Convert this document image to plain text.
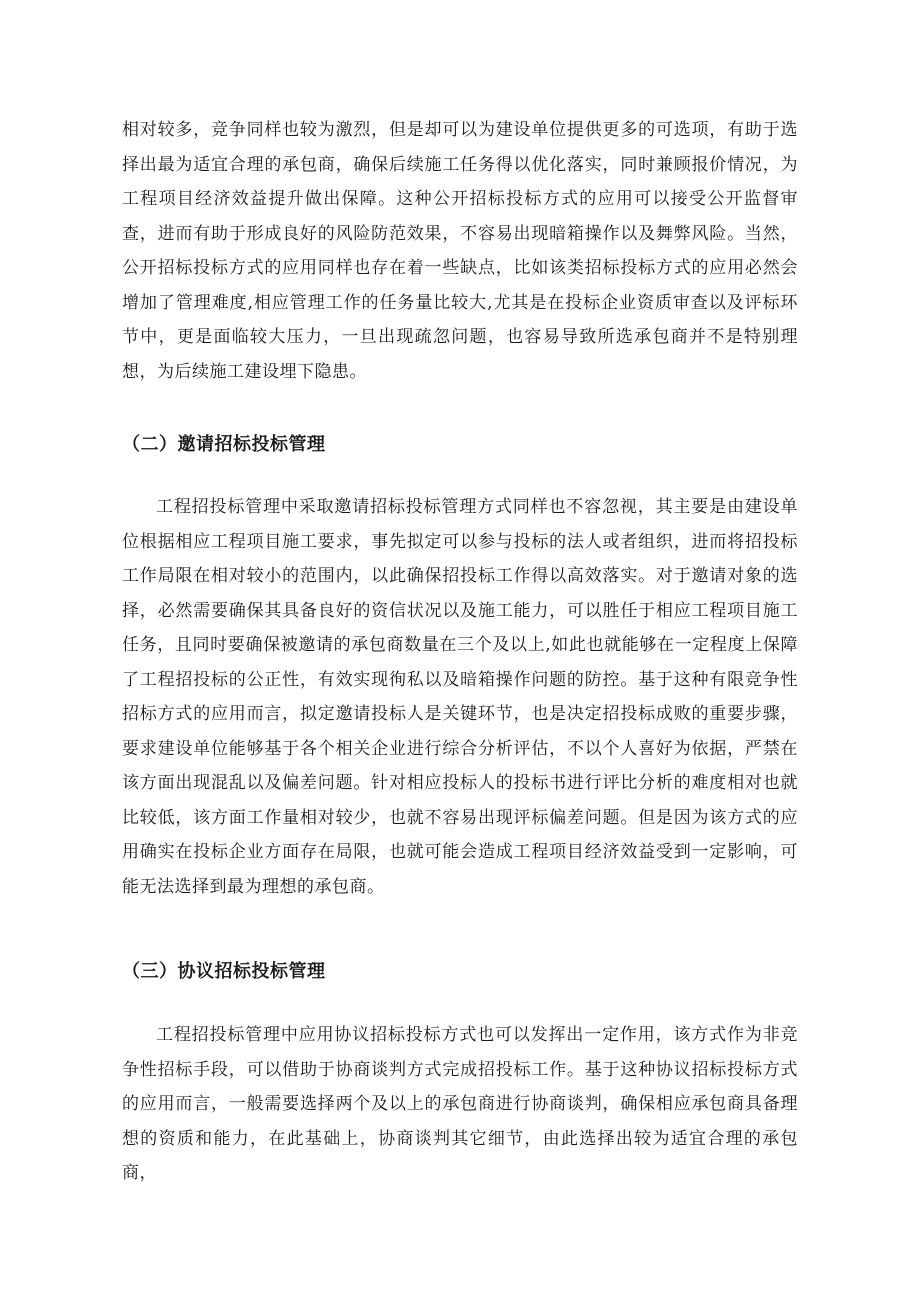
相对较多，竞争同样也较为激烈，但是却可以为建设单位提供更多的可选项，有助于选择出最为适宜合理的承包商，确保后续施工任务得以优化落实，同时兼顾报价情况，为工程项目经济效益提升做出保障。这种公开招标投标方式的应用可以接受公开监督审查，进而有助于形成良好的风险防范效果，不容易出现暗箱操作以及舞弊风险。当然，公开招标投标方式的应用同样也存在着一些缺点，比如该类招标投标方式的应用必然会增加了管理难度,相应管理工作的任务量比较大,尤其是在投标企业资质审查以及评标环节中，更是面临较大压力，一旦出现疏忽问题，也容易导致所选承包商并不是特别理想，为后续施工建设埋下隐患。

（二）邀请招标投标管理

工程招投标管理中采取邀请招标投标管理方式同样也不容忽视，其主要是由建设单位根据相应工程项目施工要求，事先拟定可以参与投标的法人或者组织，进而将招投标工作局限在相对较小的范围内，以此确保招投标工作得以高效落实。对于邀请对象的选择，必然需要确保其具备良好的资信状况以及施工能力，可以胜任于相应工程项目施工任务，且同时要确保被邀请的承包商数量在三个及以上,如此也就能够在一定程度上保障了工程招投标的公正性，有效实现徇私以及暗箱操作问题的防控。基于这种有限竞争性招标方式的应用而言，拟定邀请投标人是关键环节，也是决定招投标成败的重要步骤，要求建设单位能够基于各个相关企业进行综合分析评估，不以个人喜好为依据，严禁在该方面出现混乱以及偏差问题。针对相应投标人的投标书进行评比分析的难度相对也就比较低，该方面工作量相对较少，也就不容易出现评标偏差问题。但是因为该方式的应用确实在投标企业方面存在局限，也就可能会造成工程项目经济效益受到一定影响，可能无法选择到最为理想的承包商。

（三）协议招标投标管理

工程招投标管理中应用协议招标投标方式也可以发挥出一定作用，该方式作为非竞争性招标手段，可以借助于协商谈判方式完成招投标工作。基于这种协议招标投标方式的应用而言，一般需要选择两个及以上的承包商进行协商谈判，确保相应承包商具备理想的资质和能力，在此基础上，协商谈判其它细节，由此选择出较为适宜合理的承包商，
